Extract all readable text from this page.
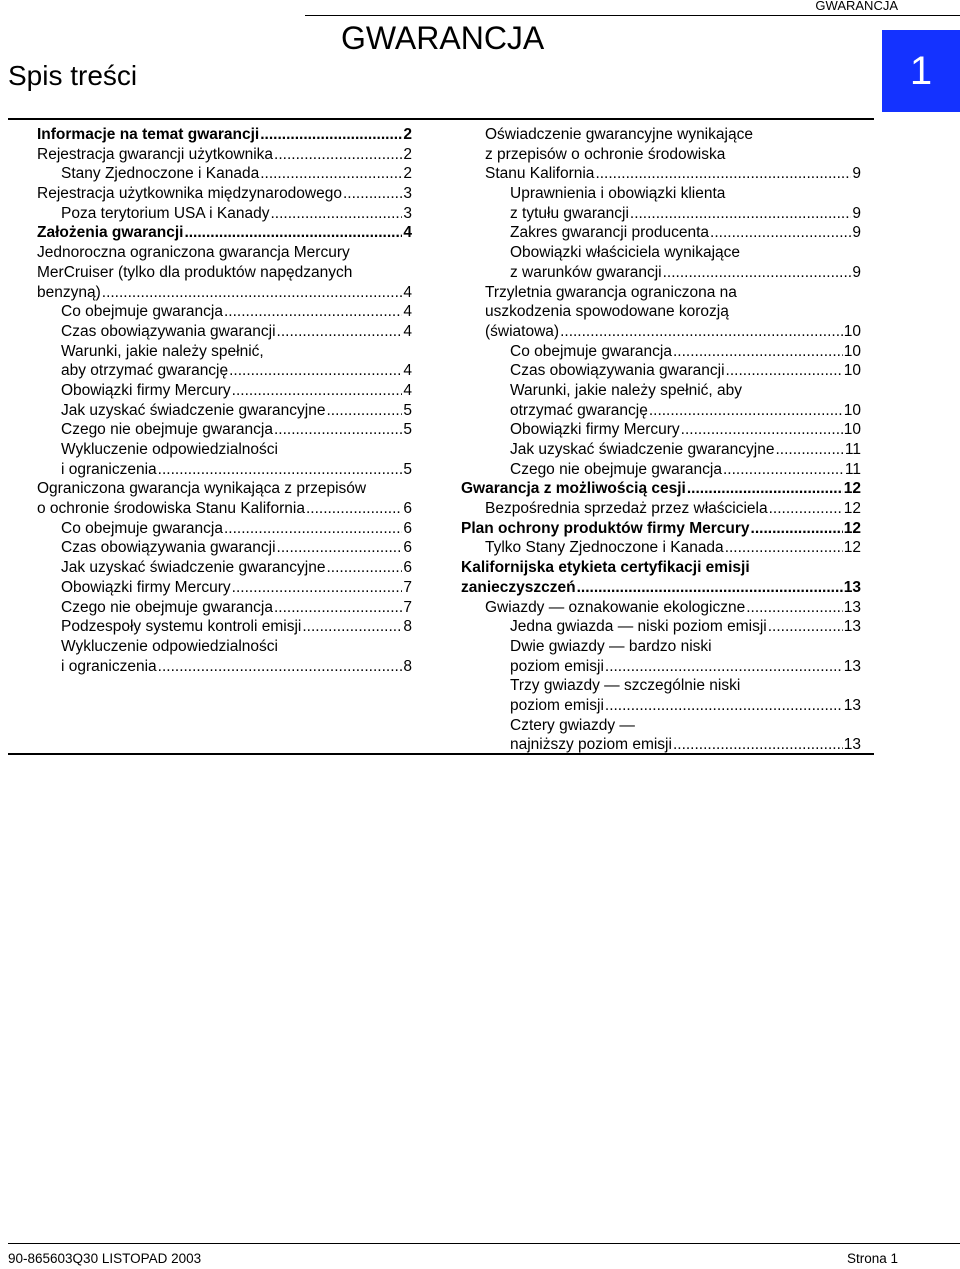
GWARANCJA
GWARANCJA
1
Spis treści
Informacje na temat gwarancji .....	2
Rejestracja gwarancji użytkownika .....	2
Stany Zjednoczone i Kanada .....	2
Rejestracja użytkownika międzynarodowego .....	3
Poza terytorium USA i Kanady .....	3
Założenia gwarancji .....	4
Jednoroczna ograniczona gwarancja Mercury
MerCruiser (tylko dla produktów napędzanych
benzyną) .....	4
Co obejmuje gwarancja .....	4
Czas obowiązywania gwarancji .....	4
Warunki, jakie należy spełnić,
aby otrzymać gwarancję .....	4
Obowiązki firmy Mercury .....	4
Jak uzyskać świadczenie gwarancyjne .....	5
Czego nie obejmuje gwarancja .....	5
Wykluczenie odpowiedzialności
i ograniczenia .....	5
Ograniczona gwarancja wynikająca z przepisów
o ochronie środowiska Stanu Kalifornia .....	6
Co obejmuje gwarancja .....	6
Czas obowiązywania gwarancji .....	6
Jak uzyskać świadczenie gwarancyjne .....	6
Obowiązki firmy Mercury .....	7
Czego nie obejmuje gwarancja .....	7
Podzespoły systemu kontroli emisji .....	8
Wykluczenie odpowiedzialności
i ograniczenia .....	8
Oświadczenie gwarancyjne wynikające
z przepisów o ochronie środowiska
Stanu Kalifornia .....	9
Uprawnienia i obowiązki klienta
z tytułu gwarancji .....	9
Zakres gwarancji producenta .....	9
Obowiązki właściciela wynikające
z warunków gwarancji .....	9
Trzyletnia gwarancja ograniczona na
uszkodzenia spowodowane korozją
(światowa) .....	10
Co obejmuje gwarancja .....	10
Czas obowiązywania gwarancji .....	10
Warunki, jakie należy spełnić, aby
otrzymać gwarancję .....	10
Obowiązki firmy Mercury .....	10
Jak uzyskać świadczenie gwarancyjne .....	11
Czego nie obejmuje gwarancja .....	11
Gwarancja z możliwością cesji .....	12
Bezpośrednia sprzedaż przez właściciela .....	12
Plan ochrony produktów firmy Mercury .....	12
Tylko Stany Zjednoczone i Kanada .....	12
Kalifornijska etykieta certyfikacji emisji
zanieczyszczeń .....	13
Gwiazdy — oznakowanie ekologiczne .....	13
Jedna gwiazda — niski poziom emisji .....	13
Dwie gwiazdy — bardzo niski
poziom emisji .....	13
Trzy gwiazdy — szczególnie niski
poziom emisji .....	13
Cztery gwiazdy —
najniższy poziom emisji .....	13
90-865603Q30 LISTOPAD 2003	Strona 1
